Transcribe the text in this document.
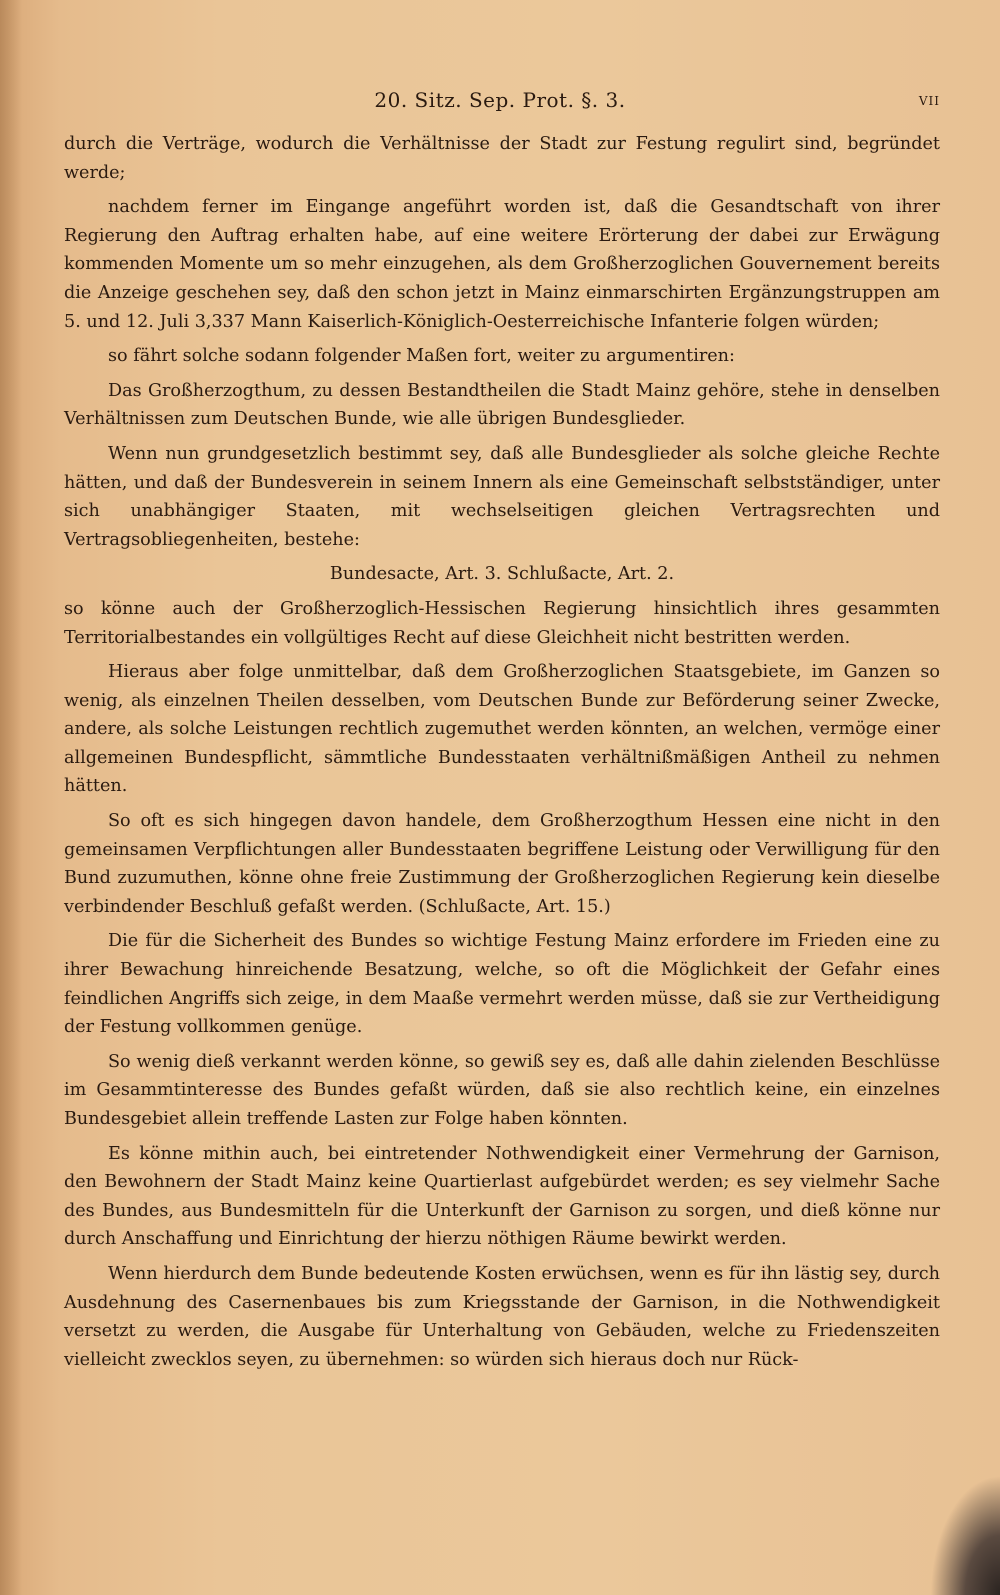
20. Sitz. Sep. Prot. §. 3.	vii

durch die Verträge, wodurch die Verhältnisse der Stadt zur Festung regulirt sind, begründet werde;

nachdem ferner im Eingange angeführt worden ist, daß die Gesandtschaft von ihrer Regierung den Auftrag erhalten habe, auf eine weitere Erörterung der dabei zur Erwägung kommenden Momente um so mehr einzugehen, als dem Großherzoglichen Gouvernement bereits die Anzeige geschehen sey, daß den schon jetzt in Mainz einmarschirten Ergänzungstruppen am 5. und 12. Juli 3,337 Mann Kaiserlich-Königlich-Oesterreichische Infanterie folgen würden;

so fährt solche sodann folgender Maßen fort, weiter zu argumentiren:

Das Großherzogthum, zu dessen Bestandtheilen die Stadt Mainz gehöre, stehe in denselben Verhältnissen zum Deutschen Bunde, wie alle übrigen Bundesglieder.

Wenn nun grundgesetzlich bestimmt sey, daß alle Bundesglieder als solche gleiche Rechte hätten, und daß der Bundesverein in seinem Innern als eine Gemeinschaft selbstständiger, unter sich unabhängiger Staaten, mit wechselseitigen gleichen Vertragsrechten und Vertragsobliegenheiten, bestehe:

Bundesacte, Art. 3. Schlußacte, Art. 2.

so könne auch der Großherzoglich-Hessischen Regierung hinsichtlich ihres gesammten Territorialbestandes ein vollgültiges Recht auf diese Gleichheit nicht bestritten werden.

Hieraus aber folge unmittelbar, daß dem Großherzoglichen Staatsgebiete, im Ganzen so wenig, als einzelnen Theilen desselben, vom Deutschen Bunde zur Beförderung seiner Zwecke, andere, als solche Leistungen rechtlich zugemuthet werden könnten, an welchen, vermöge einer allgemeinen Bundespflicht, sämmtliche Bundesstaaten verhältnißmäßigen Antheil zu nehmen hätten.

So oft es sich hingegen davon handele, dem Großherzogthum Hessen eine nicht in den gemeinsamen Verpflichtungen aller Bundesstaaten begriffene Leistung oder Verwilligung für den Bund zuzumuthen, könne ohne freie Zustimmung der Großherzoglichen Regierung kein dieselbe verbindender Beschluß gefaßt werden. (Schlußacte, Art. 15.)

Die für die Sicherheit des Bundes so wichtige Festung Mainz erfordere im Frieden eine zu ihrer Bewachung hinreichende Besatzung, welche, so oft die Möglichkeit der Gefahr eines feindlichen Angriffs sich zeige, in dem Maaße vermehrt werden müsse, daß sie zur Vertheidigung der Festung vollkommen genüge.

So wenig dieß verkannt werden könne, so gewiß sey es, daß alle dahin zielenden Beschlüsse im Gesammtinteresse des Bundes gefaßt würden, daß sie also rechtlich keine, ein einzelnes Bundesgebiet allein treffende Lasten zur Folge haben könnten.

Es könne mithin auch, bei eintretender Nothwendigkeit einer Vermehrung der Garnison, den Bewohnern der Stadt Mainz keine Quartierlast aufgebürdet werden; es sey vielmehr Sache des Bundes, aus Bundesmitteln für die Unterkunft der Garnison zu sorgen, und dieß könne nur durch Anschaffung und Einrichtung der hierzu nöthigen Räume bewirkt werden.

Wenn hierdurch dem Bunde bedeutende Kosten erwüchsen, wenn es für ihn lästig sey, durch Ausdehnung des Casernenbaues bis zum Kriegsstande der Garnison, in die Nothwendigkeit versetzt zu werden, die Ausgabe für Unterhaltung von Gebäuden, welche zu Friedenszeiten vielleicht zwecklos seyen, zu übernehmen: so würden sich hieraus doch nur Rück-
